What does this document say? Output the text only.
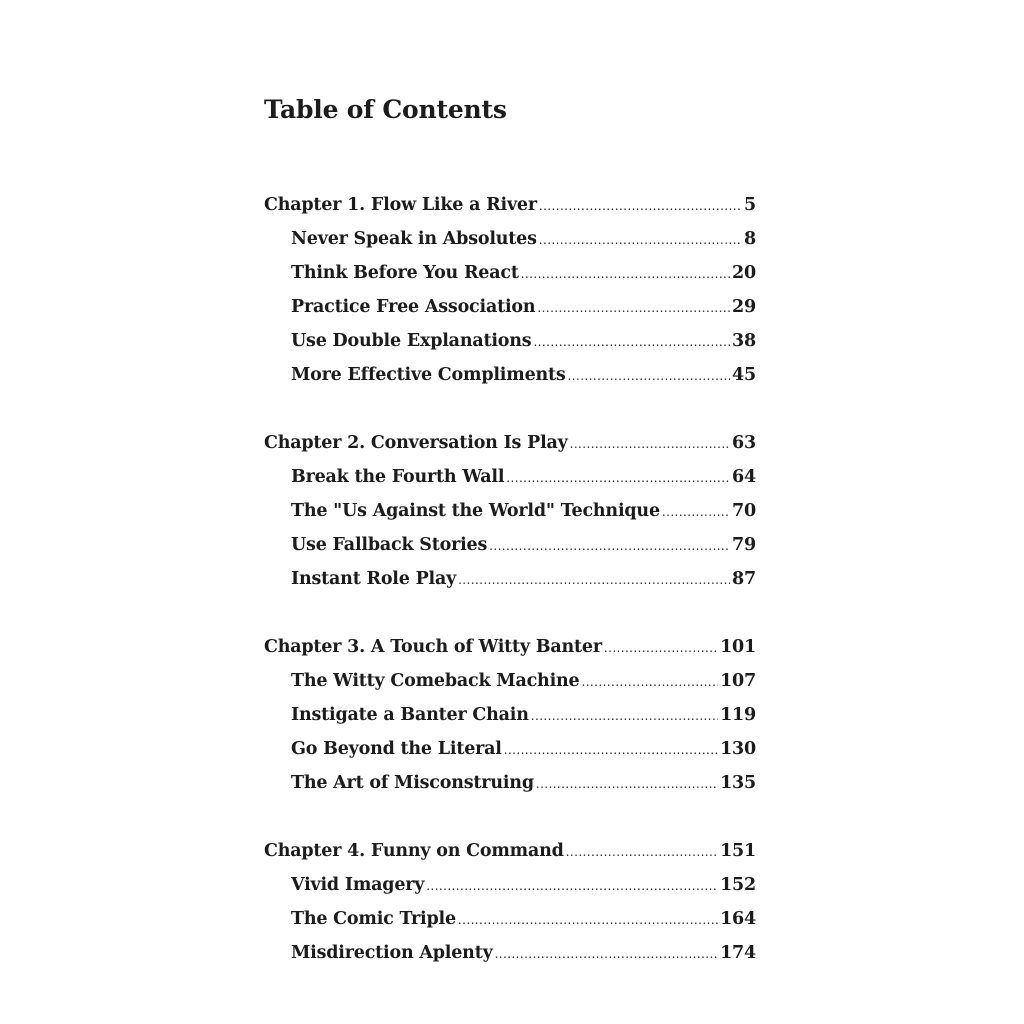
Table of Contents
Chapter 1. Flow Like a River .....	5
Never Speak in Absolutes .....	8
Think Before You React .....	20
Practice Free Association .....	29
Use Double Explanations .....	38
More Effective Compliments .....	45
Chapter 2. Conversation Is Play .....	63
Break the Fourth Wall .....	64
The "Us Against the World" Technique .....	70
Use Fallback Stories .....	79
Instant Role Play .....	87
Chapter 3. A Touch of Witty Banter .....	101
The Witty Comeback Machine .....	107
Instigate a Banter Chain .....	119
Go Beyond the Literal .....	130
The Art of Misconstruing .....	135
Chapter 4. Funny on Command .....	151
Vivid Imagery .....	152
The Comic Triple .....	164
Misdirection Aplenty .....	174
